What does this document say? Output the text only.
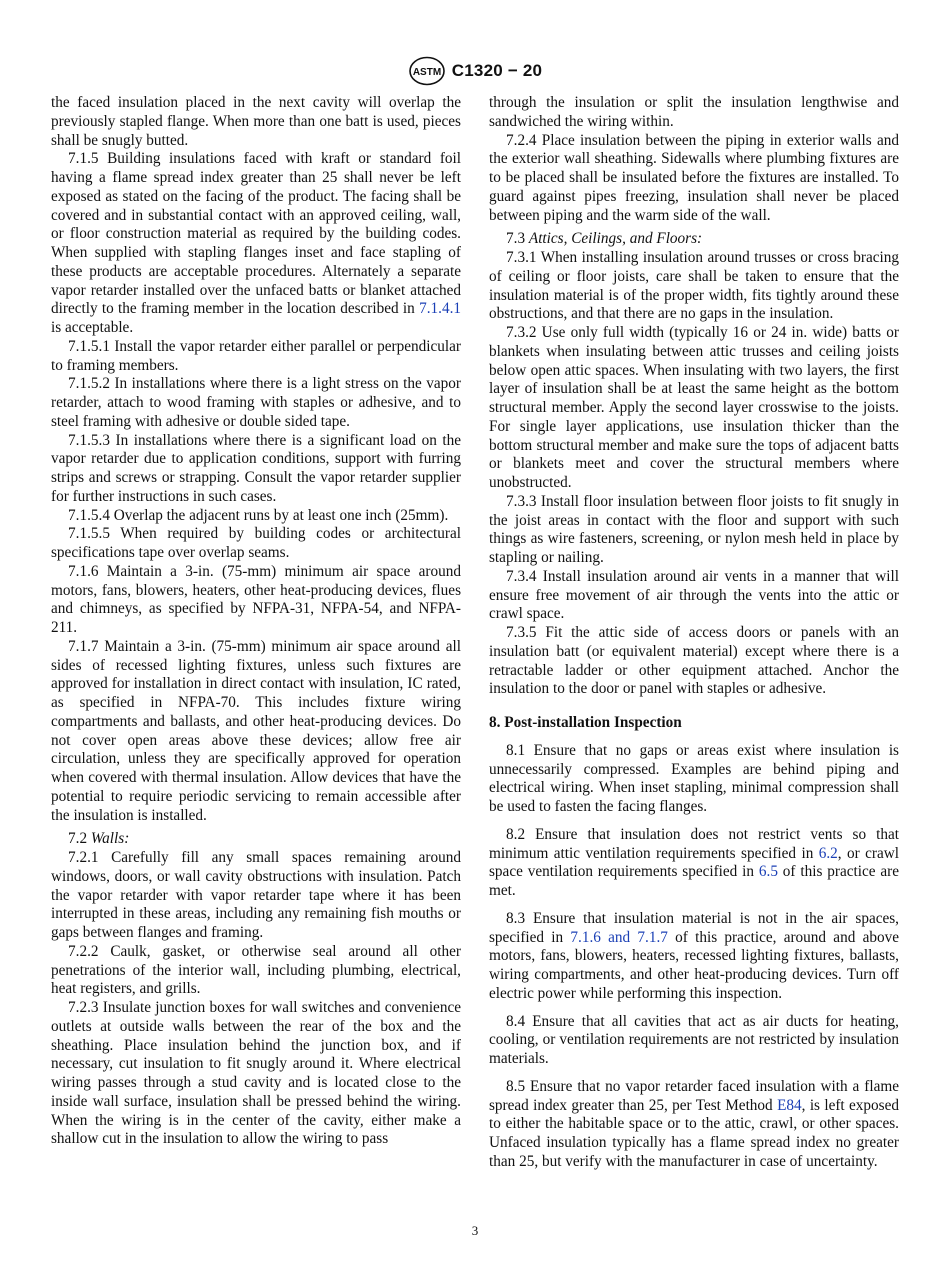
ASTM C1320 − 20

the faced insulation placed in the next cavity will overlap the previously stapled flange. When more than one batt is used, pieces shall be snugly butted.

7.1.5 Building insulations faced with kraft or standard foil having a flame spread index greater than 25 shall never be left exposed as stated on the facing of the product. The facing shall be covered and in substantial contact with an approved ceiling, wall, or floor construction material as required by the building codes. When supplied with stapling flanges inset and face stapling of these products are acceptable procedures. Alternately a separate vapor retarder installed over the unfaced batts or blanket attached directly to the framing member in the location described in 7.1.4.1 is acceptable.

7.1.5.1 Install the vapor retarder either parallel or perpendicular to framing members.

7.1.5.2 In installations where there is a light stress on the vapor retarder, attach to wood framing with staples or adhesive, and to steel framing with adhesive or double sided tape.

7.1.5.3 In installations where there is a significant load on the vapor retarder due to application conditions, support with furring strips and screws or strapping. Consult the vapor retarder supplier for further instructions in such cases.

7.1.5.4 Overlap the adjacent runs by at least one inch (25mm).

7.1.5.5 When required by building codes or architectural specifications tape over overlap seams.

7.1.6 Maintain a 3-in. (75-mm) minimum air space around motors, fans, blowers, heaters, other heat-producing devices, flues and chimneys, as specified by NFPA-31, NFPA-54, and NFPA-211.

7.1.7 Maintain a 3-in. (75-mm) minimum air space around all sides of recessed lighting fixtures, unless such fixtures are approved for installation in direct contact with insulation, IC rated, as specified in NFPA-70. This includes fixture wiring compartments and ballasts, and other heat-producing devices. Do not cover open areas above these devices; allow free air circulation, unless they are specifically approved for operation when covered with thermal insulation. Allow devices that have the potential to require periodic servicing to remain accessible after the insulation is installed.

7.2 Walls:

7.2.1 Carefully fill any small spaces remaining around windows, doors, or wall cavity obstructions with insulation. Patch the vapor retarder with vapor retarder tape where it has been interrupted in these areas, including any remaining fish mouths or gaps between flanges and framing.

7.2.2 Caulk, gasket, or otherwise seal around all other penetrations of the interior wall, including plumbing, electrical, heat registers, and grills.

7.2.3 Insulate junction boxes for wall switches and convenience outlets at outside walls between the rear of the box and the sheathing. Place insulation behind the junction box, and if necessary, cut insulation to fit snugly around it. Where electrical wiring passes through a stud cavity and is located close to the inside wall surface, insulation shall be pressed behind the wiring. When the wiring is in the center of the cavity, either make a shallow cut in the insulation to allow the wiring to pass

through the insulation or split the insulation lengthwise and sandwiched the wiring within.

7.2.4 Place insulation between the piping in exterior walls and the exterior wall sheathing. Sidewalls where plumbing fixtures are to be placed shall be insulated before the fixtures are installed. To guard against pipes freezing, insulation shall never be placed between piping and the warm side of the wall.

7.3 Attics, Ceilings, and Floors:

7.3.1 When installing insulation around trusses or cross bracing of ceiling or floor joists, care shall be taken to ensure that the insulation material is of the proper width, fits tightly around these obstructions, and that there are no gaps in the insulation.

7.3.2 Use only full width (typically 16 or 24 in. wide) batts or blankets when insulating between attic trusses and ceiling joists below open attic spaces. When insulating with two layers, the first layer of insulation shall be at least the same height as the bottom structural member. Apply the second layer crosswise to the joists. For single layer applications, use insulation thicker than the bottom structural member and make sure the tops of adjacent batts or blankets meet and cover the structural members where unobstructed.

7.3.3 Install floor insulation between floor joists to fit snugly in the joist areas in contact with the floor and support with such things as wire fasteners, screening, or nylon mesh held in place by stapling or nailing.

7.3.4 Install insulation around air vents in a manner that will ensure free movement of air through the vents into the attic or crawl space.

7.3.5 Fit the attic side of access doors or panels with an insulation batt (or equivalent material) except where there is a retractable ladder or other equipment attached. Anchor the insulation to the door or panel with staples or adhesive.

8. Post-installation Inspection

8.1 Ensure that no gaps or areas exist where insulation is unnecessarily compressed. Examples are behind piping and electrical wiring. When inset stapling, minimal compression shall be used to fasten the facing flanges.

8.2 Ensure that insulation does not restrict vents so that minimum attic ventilation requirements specified in 6.2, or crawl space ventilation requirements specified in 6.5 of this practice are met.

8.3 Ensure that insulation material is not in the air spaces, specified in 7.1.6 and 7.1.7 of this practice, around and above motors, fans, blowers, heaters, recessed lighting fixtures, ballasts, wiring compartments, and other heat-producing devices. Turn off electric power while performing this inspection.

8.4 Ensure that all cavities that act as air ducts for heating, cooling, or ventilation requirements are not restricted by insulation materials.

8.5 Ensure that no vapor retarder faced insulation with a flame spread index greater than 25, per Test Method E84, is left exposed to either the habitable space or to the attic, crawl, or other spaces. Unfaced insulation typically has a flame spread index no greater than 25, but verify with the manufacturer in case of uncertainty.

3
